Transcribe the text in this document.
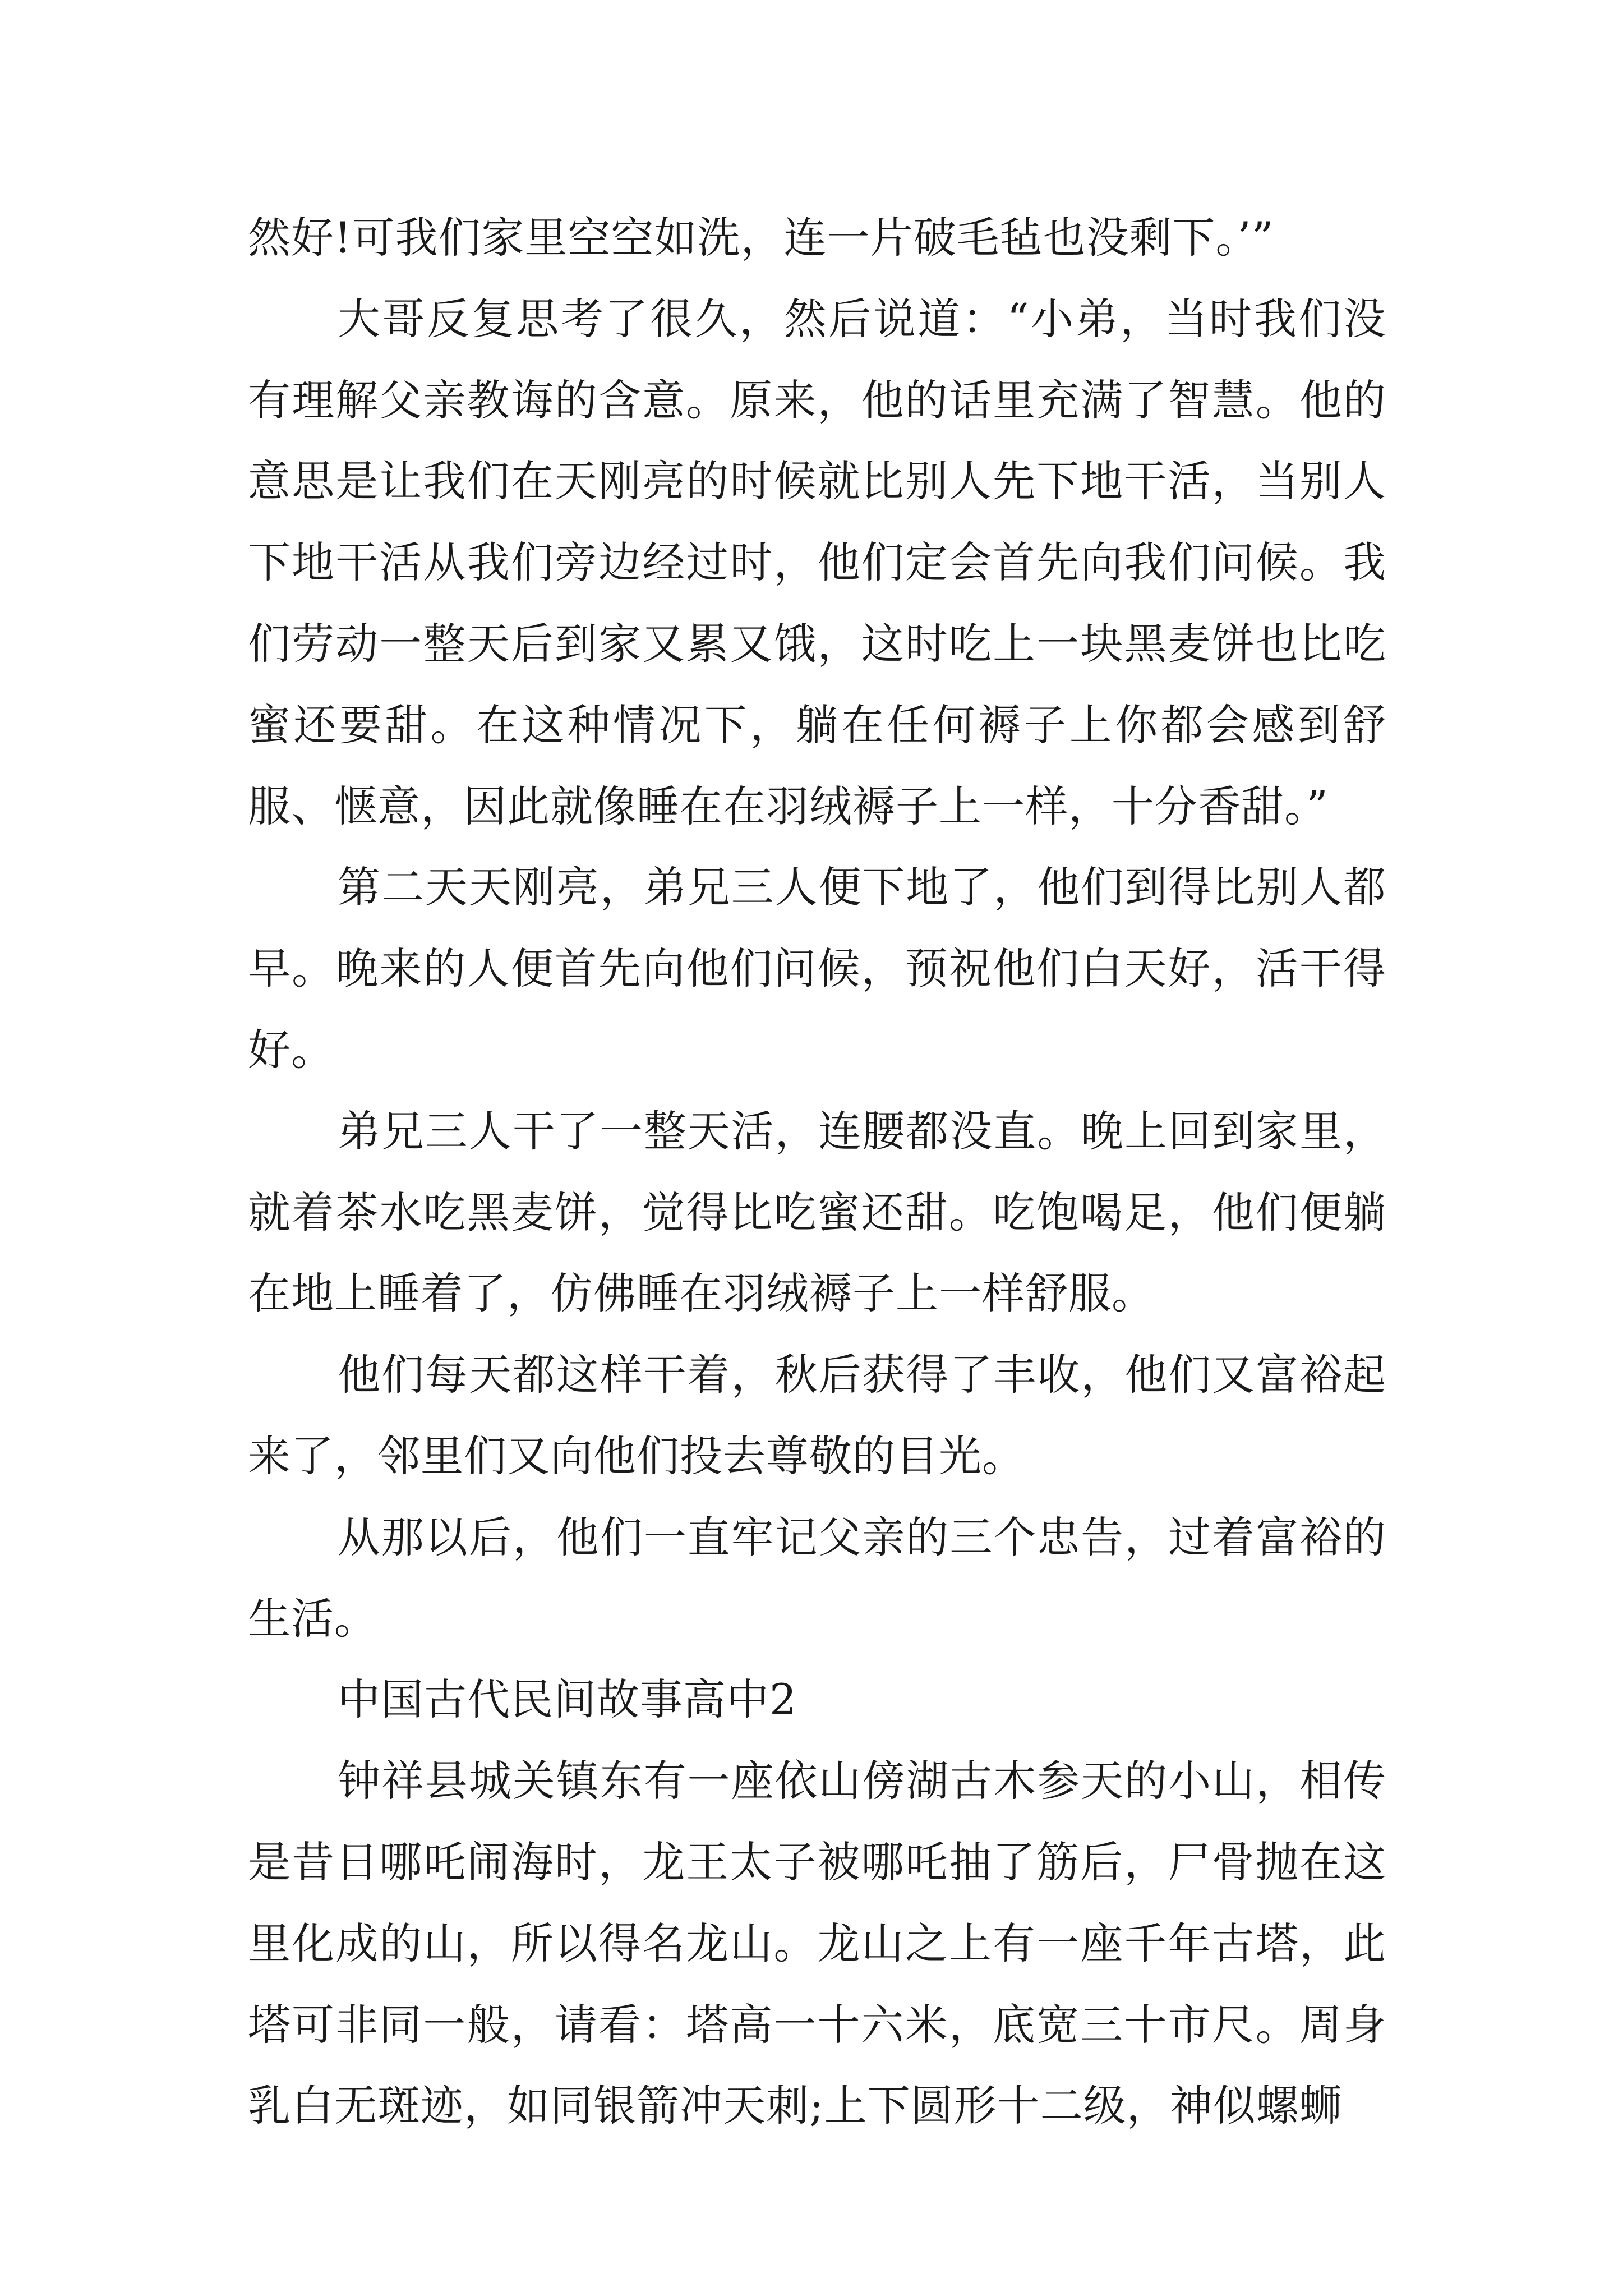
然好!可我们家里空空如洗，连一片破毛毡也没剩下。’”

大哥反复思考了很久，然后说道：“小弟，当时我们没有理解父亲教诲的含意。原来，他的话里充满了智慧。他的意思是让我们在天刚亮的时候就比别人先下地干活，当别人下地干活从我们旁边经过时，他们定会首先向我们问候。我们劳动一整天后到家又累又饿，这时吃上一块黑麦饼也比吃蜜还要甜。在这种情况下，躺在任何褥子上你都会感到舒服、惬意，因此就像睡在在羽绒褥子上一样，十分香甜。”

第二天天刚亮，弟兄三人便下地了，他们到得比别人都早。晚来的人便首先向他们问候，预祝他们白天好，活干得好。

弟兄三人干了一整天活，连腰都没直。晚上回到家里，就着茶水吃黑麦饼，觉得比吃蜜还甜。吃饱喝足，他们便躺在地上睡着了，仿佛睡在羽绒褥子上一样舒服。

他们每天都这样干着，秋后获得了丰收，他们又富裕起来了，邻里们又向他们投去尊敬的目光。

从那以后，他们一直牢记父亲的三个忠告，过着富裕的生活。

中国古代民间故事高中2

钟祥县城关镇东有一座依山傍湖古木参天的小山，相传是昔日哪吒闹海时，龙王太子被哪吒抽了筋后，尸骨抛在这里化成的山，所以得名龙山。龙山之上有一座千年古塔，此塔可非同一般，请看：塔高一十六米，底宽三十市尺。周身乳白无斑迹，如同银箭冲天刺;上下圆形十二级，神似螺蛳
